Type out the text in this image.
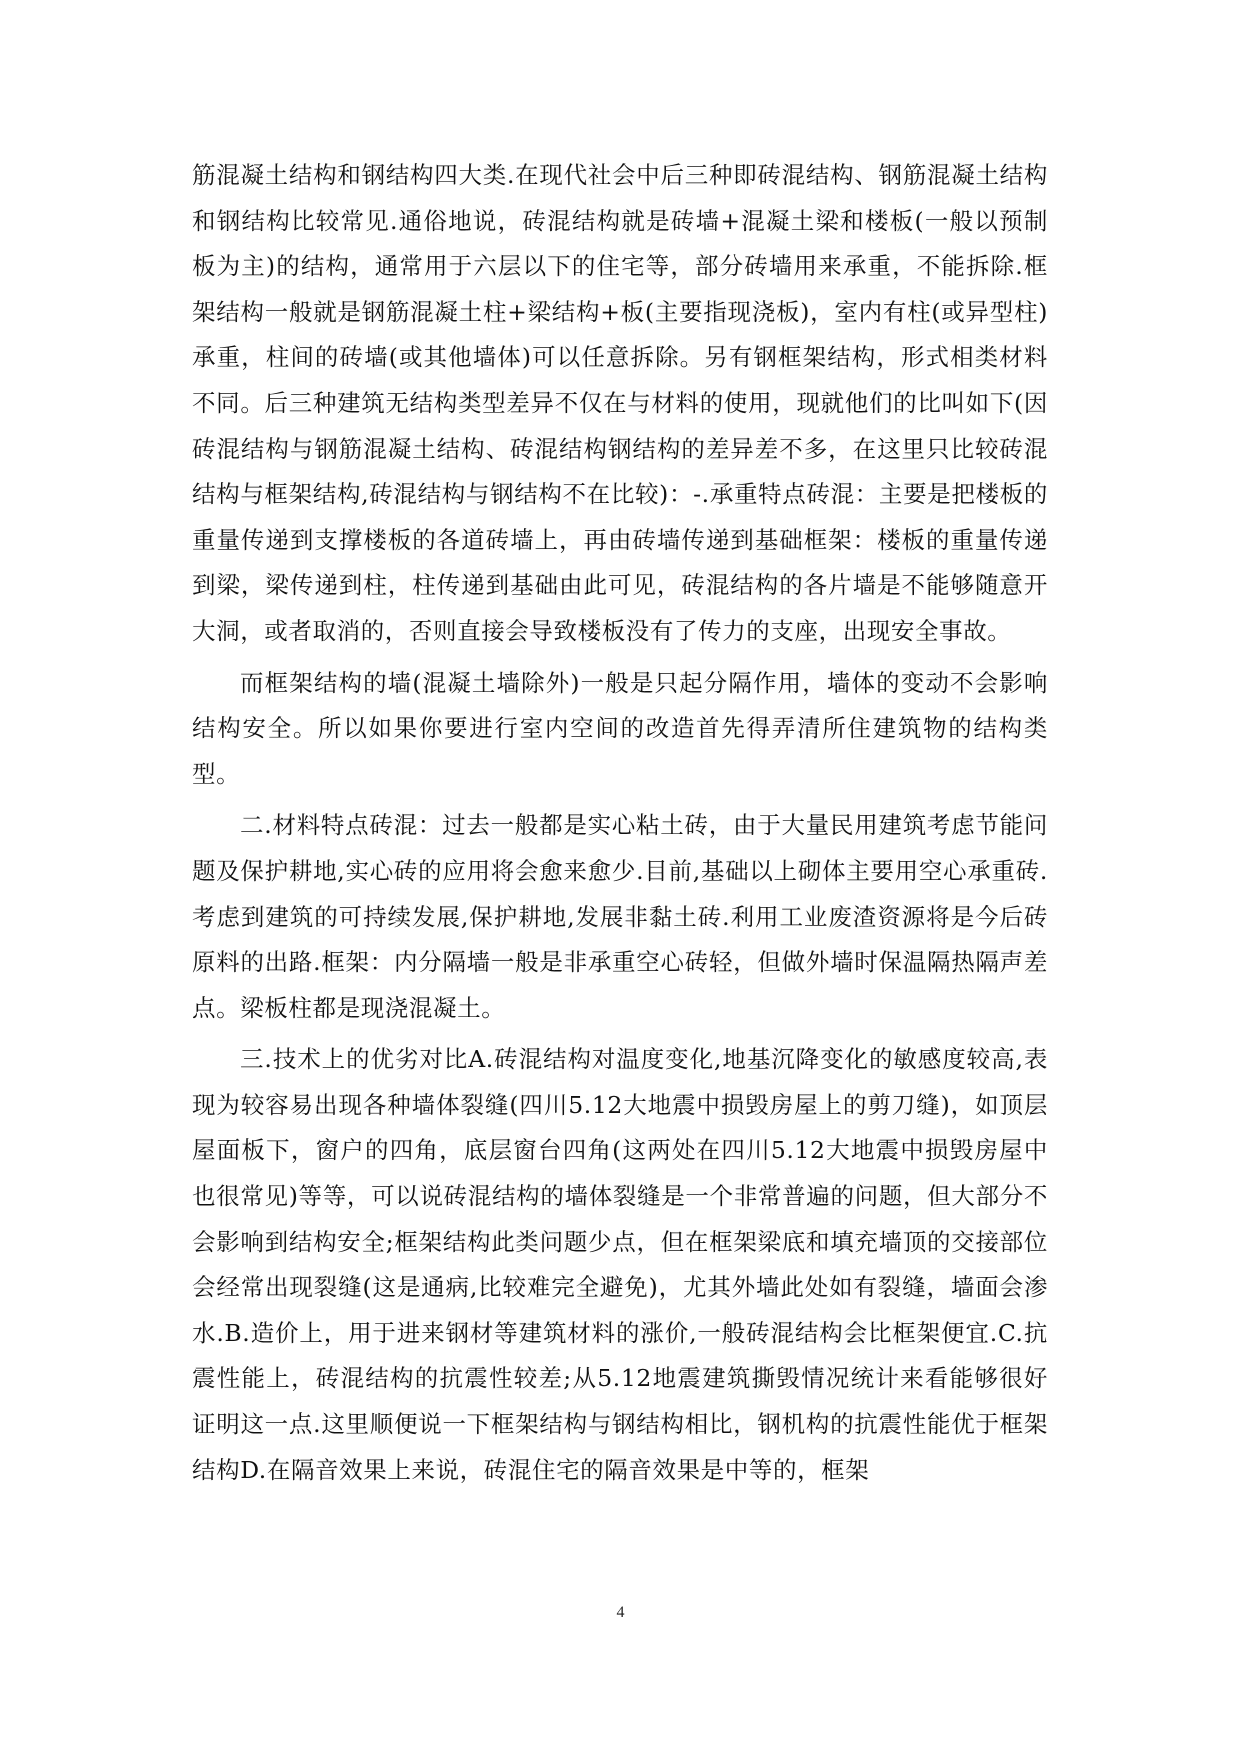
筋混凝土结构和钢结构四大类.在现代社会中后三种即砖混结构、钢筋混凝土结构和钢结构比较常见.通俗地说，砖混结构就是砖墙+混凝土梁和楼板(一般以预制板为主)的结构，通常用于六层以下的住宅等，部分砖墙用来承重，不能拆除.框架结构一般就是钢筋混凝土柱+梁结构+板(主要指现浇板)，室内有柱(或异型柱)承重，柱间的砖墙(或其他墙体)可以任意拆除。另有钢框架结构，形式相类材料不同。后三种建筑无结构类型差异不仅在与材料的使用，现就他们的比叫如下(因砖混结构与钢筋混凝土结构、砖混结构钢结构的差异差不多，在这里只比较砖混结构与框架结构,砖混结构与钢结构不在比较)：-.承重特点砖混：主要是把楼板的重量传递到支撑楼板的各道砖墙上，再由砖墙传递到基础框架：楼板的重量传递到梁，梁传递到柱，柱传递到基础由此可见，砖混结构的各片墙是不能够随意开大洞，或者取消的，否则直接会导致楼板没有了传力的支座，出现安全事故。

而框架结构的墙(混凝土墙除外)一般是只起分隔作用，墙体的变动不会影响结构安全。所以如果你要进行室内空间的改造首先得弄清所住建筑物的结构类型。

二.材料特点砖混：过去一般都是实心粘土砖，由于大量民用建筑考虑节能问题及保护耕地,实心砖的应用将会愈来愈少.目前,基础以上砌体主要用空心承重砖.考虑到建筑的可持续发展,保护耕地,发展非黏土砖.利用工业废渣资源将是今后砖原料的出路.框架：内分隔墙一般是非承重空心砖轻，但做外墙时保温隔热隔声差点。梁板柱都是现浇混凝土。

三.技术上的优劣对比A.砖混结构对温度变化,地基沉降变化的敏感度较高,表现为较容易出现各种墙体裂缝(四川5.12大地震中损毁房屋上的剪刀缝)，如顶层屋面板下，窗户的四角，底层窗台四角(这两处在四川5.12大地震中损毁房屋中也很常见)等等，可以说砖混结构的墙体裂缝是一个非常普遍的问题，但大部分不会影响到结构安全;框架结构此类问题少点，但在框架梁底和填充墙顶的交接部位会经常出现裂缝(这是通病,比较难完全避免)，尤其外墙此处如有裂缝，墙面会渗水.B.造价上，用于进来钢材等建筑材料的涨价,一般砖混结构会比框架便宜.C.抗震性能上，砖混结构的抗震性较差;从5.12地震建筑撕毁情况统计来看能够很好证明这一点.这里顺便说一下框架结构与钢结构相比，钢机构的抗震性能优于框架结构D.在隔音效果上来说，砖混住宅的隔音效果是中等的，框架

4
